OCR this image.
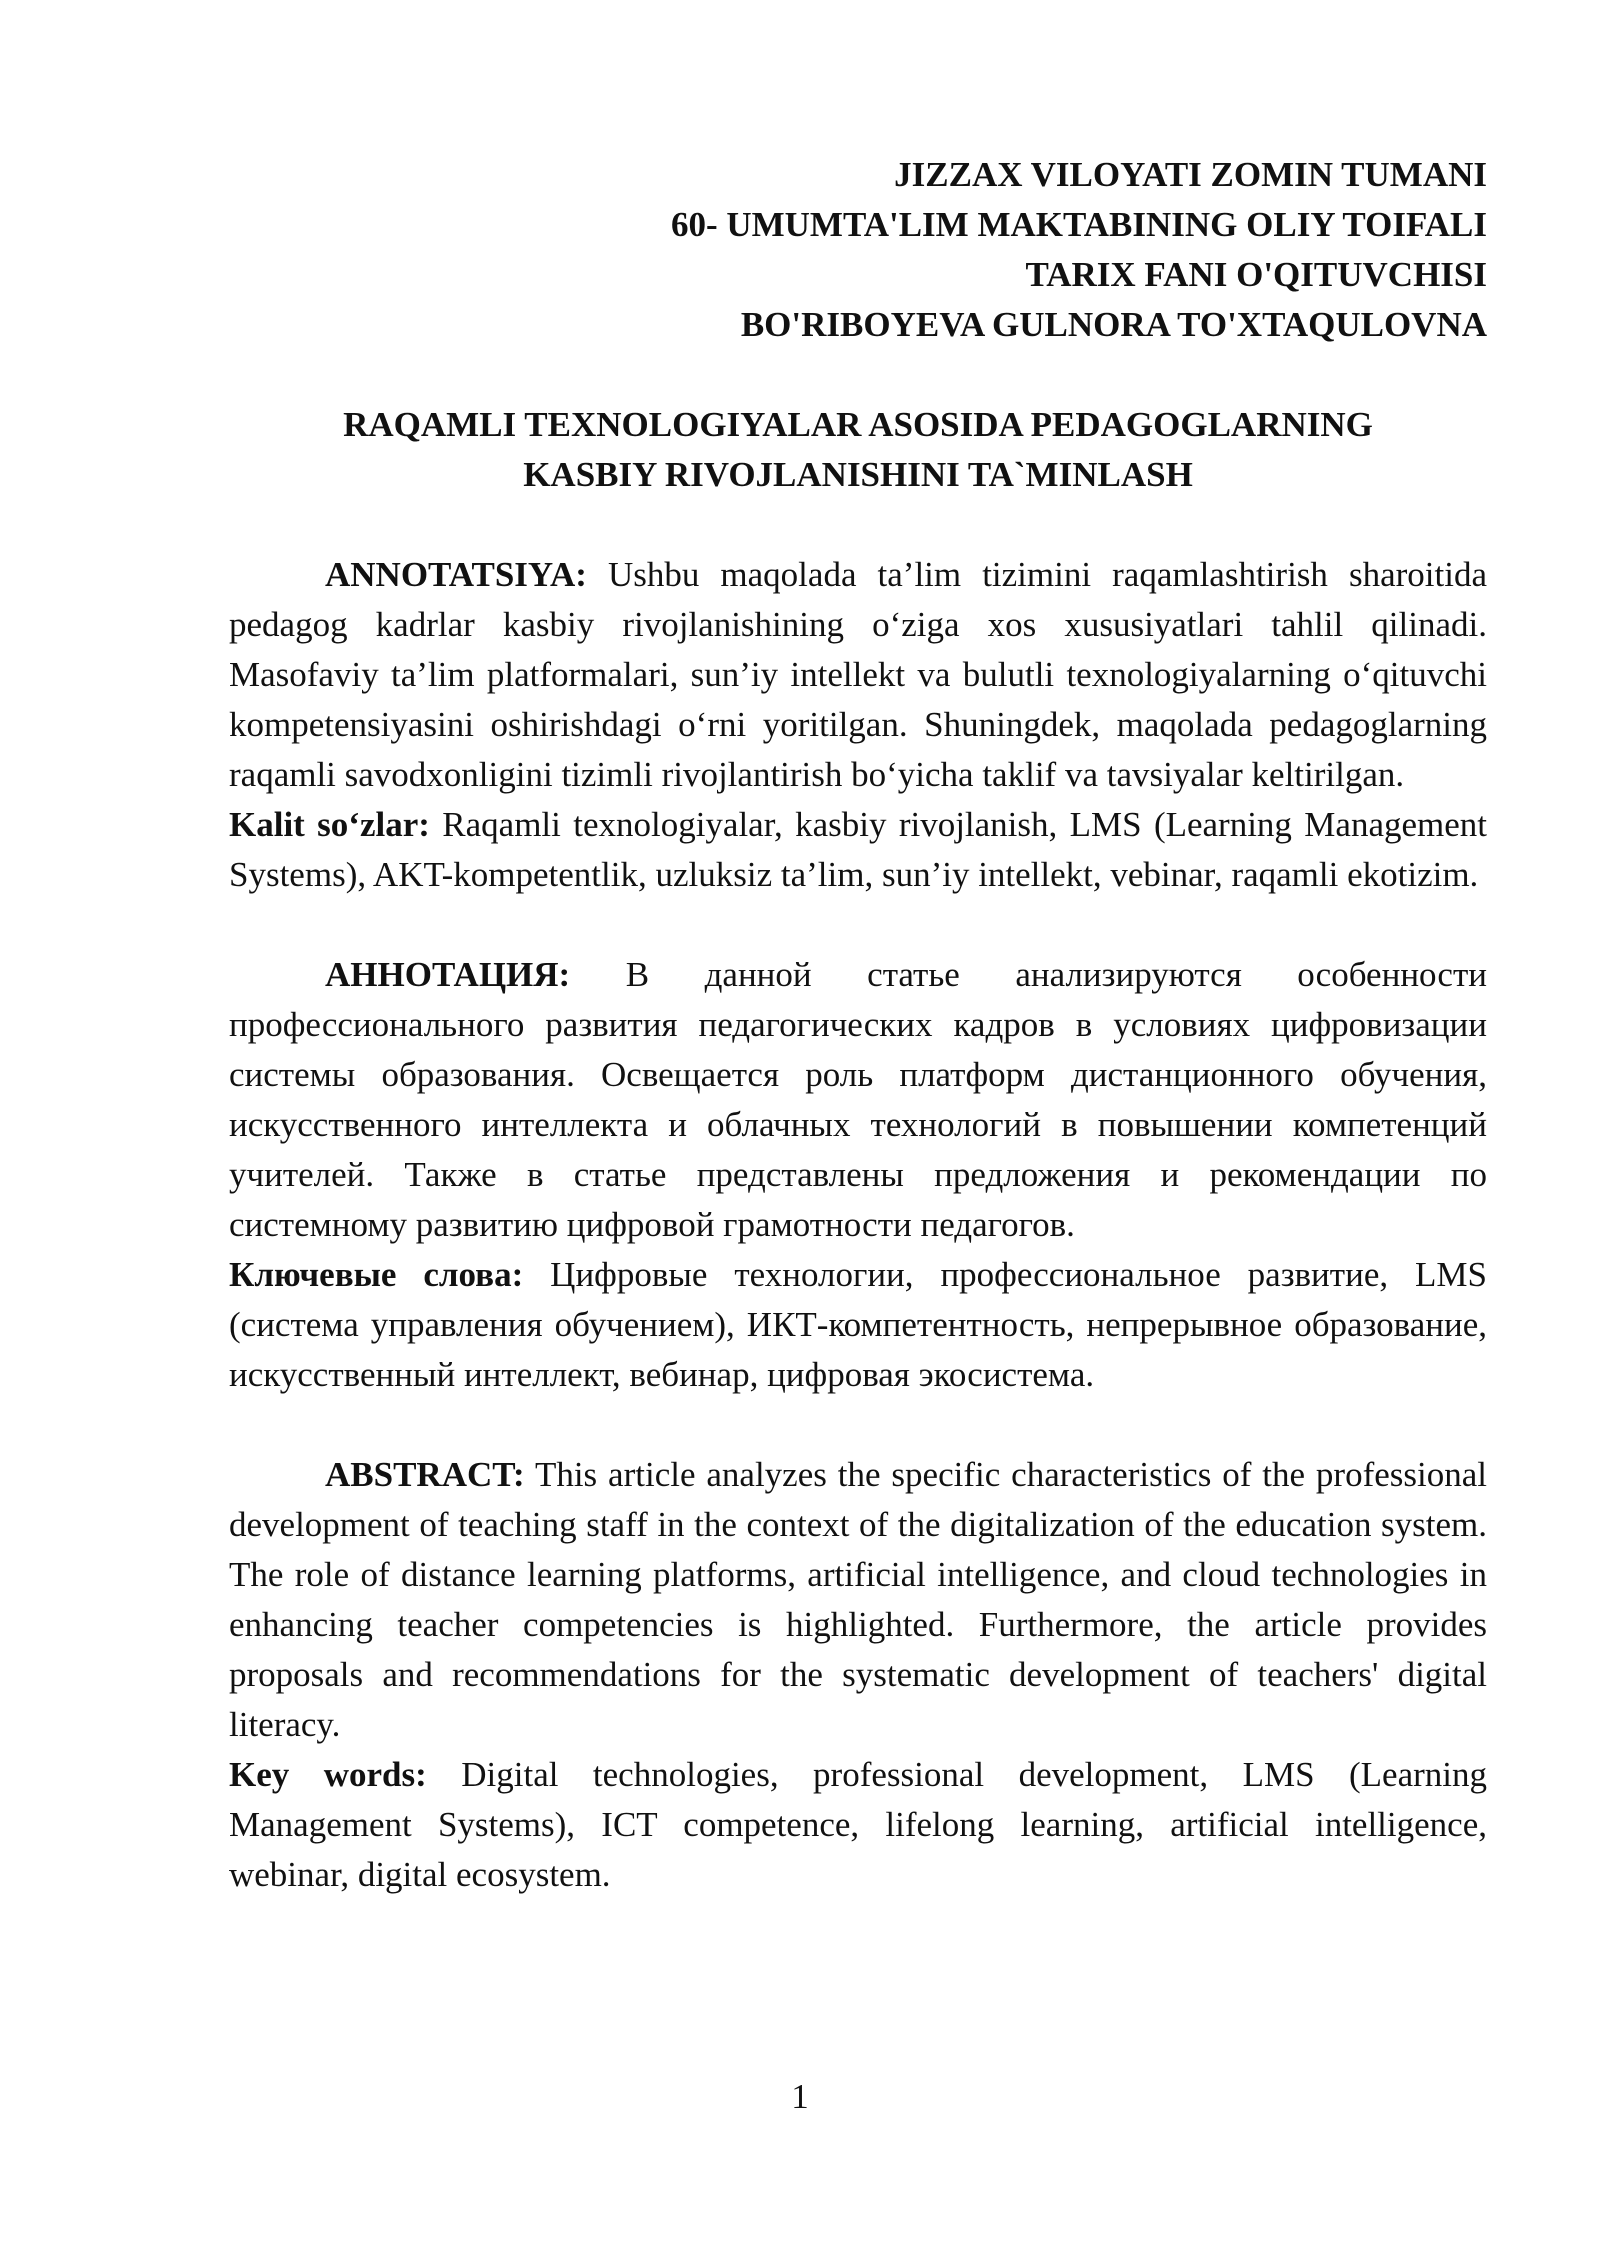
JIZZAX VILOYATI ZOMIN TUMANI
60- UMUMTA'LIM MAKTABINING OLIY TOIFALI
TARIX FANI O'QITUVCHISI
BO'RIBOYEVA GULNORA TO'XTAQULOVNA
RAQAMLI TEXNOLOGIYALAR ASOSIDA PEDAGOGLARNING
KASBIY RIVOJLANISHINI TA`MINLASH

ANNOTATSIYA: Ushbu maqolada ta’lim tizimini raqamlashtirish sharoitida pedagog kadrlar kasbiy rivojlanishining o‘ziga xos xususiyatlari tahlil qilinadi. Masofaviy ta’lim platformalari, sun’iy intellekt va bulutli texnologiyalarning o‘qituvchi kompetensiyasini oshirishdagi o‘rni yoritilgan. Shuningdek, maqolada pedagoglarning raqamli savodxonligini tizimli rivojlantirish bo‘yicha taklif va tavsiyalar keltirilgan.

Kalit so‘zlar: Raqamli texnologiyalar, kasbiy rivojlanish, LMS (Learning Management Systems), AKT-kompetentlik, uzluksiz ta’lim, sun’iy intellekt, vebinar, raqamli ekotizim.

АННОТАЦИЯ: В данной статье анализируются особенности профессионального развития педагогических кадров в условиях цифровизации системы образования. Освещается роль платформ дистанционного обучения, искусственного интеллекта и облачных технологий в повышении компетенций учителей. Также в статье представлены предложения и рекомендации по системному развитию цифровой грамотности педагогов.

Ключевые слова: Цифровые технологии, профессиональное развитие, LMS (система управления обучением), ИКТ-компетентность, непрерывное образование, искусственный интеллект, вебинар, цифровая экосистема.

ABSTRACT: This article analyzes the specific characteristics of the professional development of teaching staff in the context of the digitalization of the education system. The role of distance learning platforms, artificial intelligence, and cloud technologies in enhancing teacher competencies is highlighted. Furthermore, the article provides proposals and recommendations for the systematic development of teachers' digital literacy.

Key words: Digital technologies, professional development, LMS (Learning Management Systems), ICT competence, lifelong learning, artificial intelligence, webinar, digital ecosystem.

1
